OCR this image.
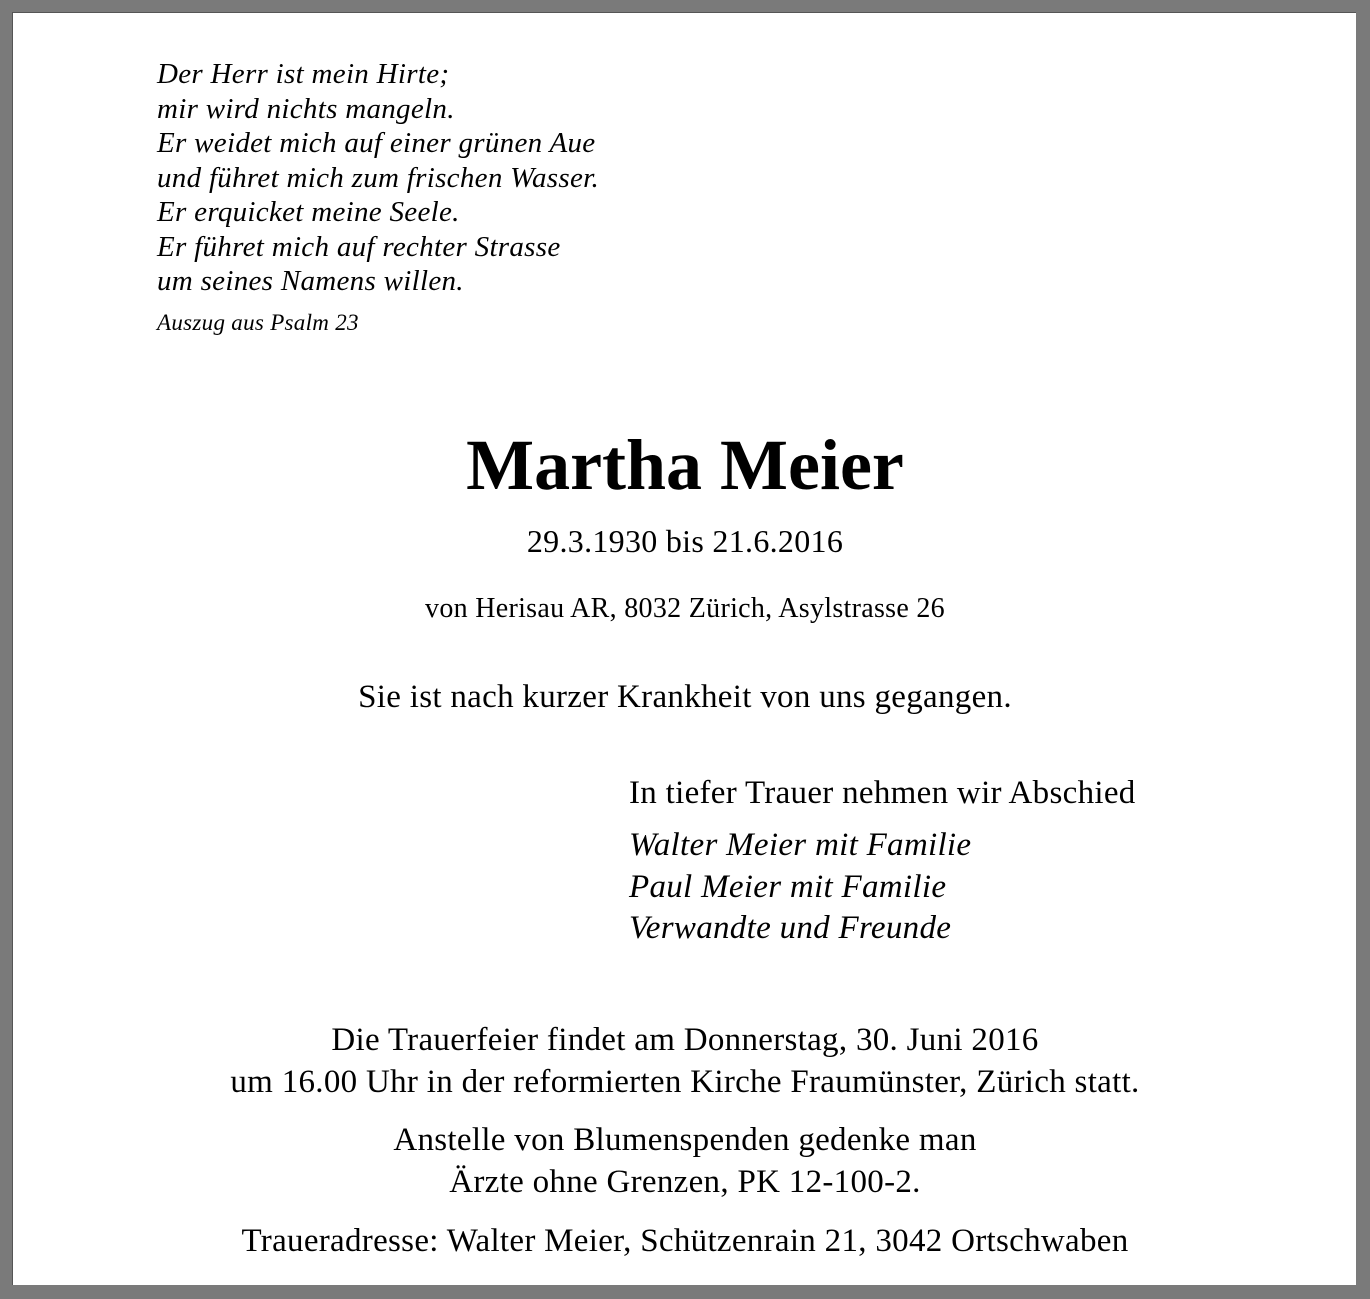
Der Herr ist mein Hirte;
mir wird nichts mangeln.
Er weidet mich auf einer grünen Aue
und führet mich zum frischen Wasser.
Er erquicket meine Seele.
Er führet mich auf rechter Strasse
um seines Namens willen.
Auszug aus Psalm 23
Martha Meier
29.3.1930 bis 21.6.2016
von Herisau AR, 8032 Zürich, Asylstrasse 26
Sie ist nach kurzer Krankheit von uns gegangen.
In tiefer Trauer nehmen wir Abschied
Walter Meier mit Familie
Paul Meier mit Familie
Verwandte und Freunde
Die Trauerfeier findet am Donnerstag, 30. Juni 2016
um 16.00 Uhr in der reformierten Kirche Fraumünster, Zürich statt.
Anstelle von Blumenspenden gedenke man
Ärzte ohne Grenzen, PK 12-100-2.
Traueradresse: Walter Meier, Schützenrain 21, 3042 Ortschwaben
